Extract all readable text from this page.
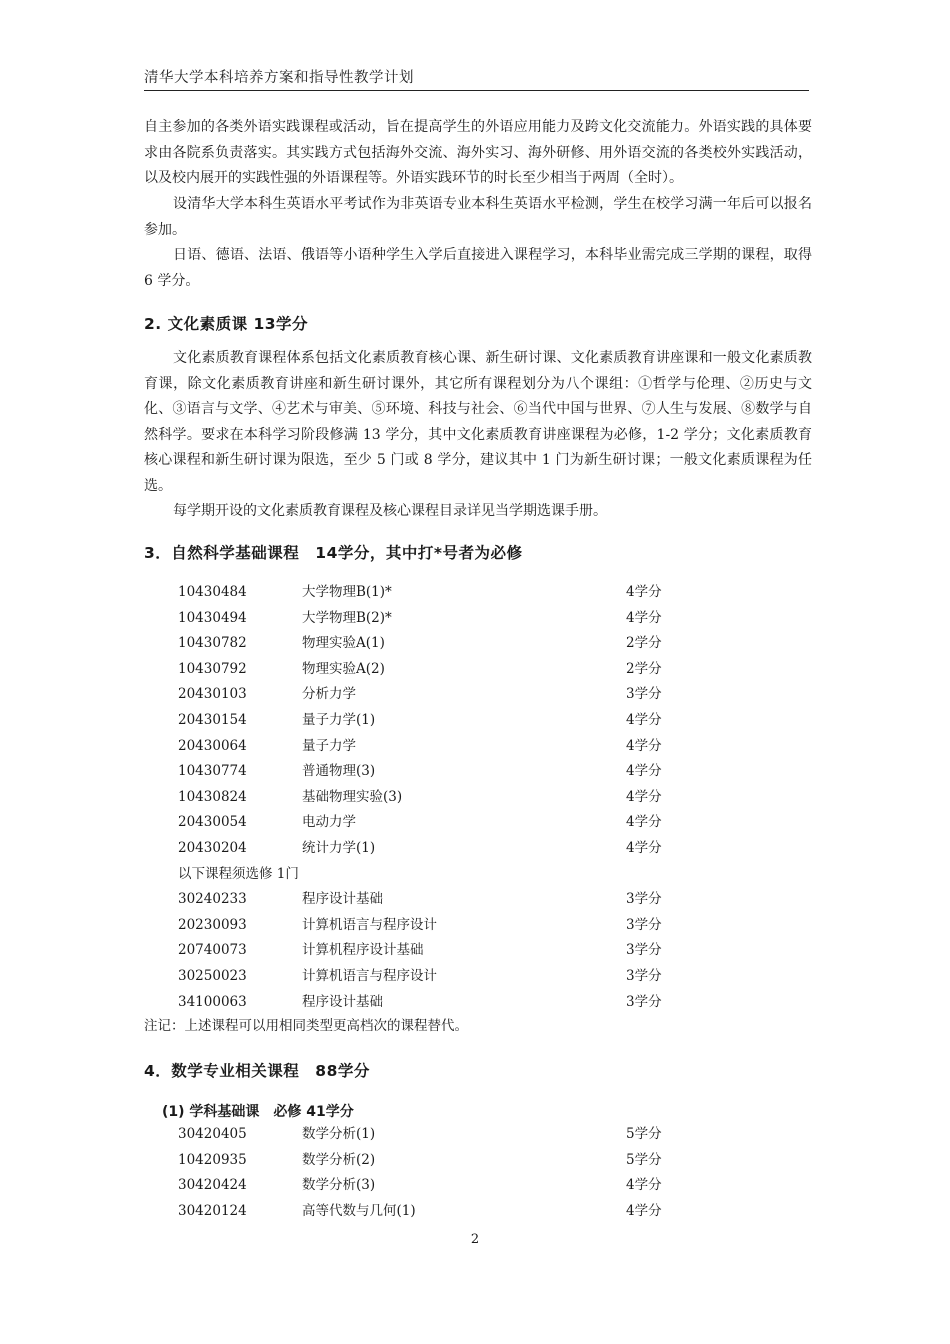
清华大学本科培养方案和指导性教学计划

自主参加的各类外语实践课程或活动，旨在提高学生的外语应用能力及跨文化交流能力。外语实践的具体要求由各院系负责落实。其实践方式包括海外交流、海外实习、海外研修、用外语交流的各类校外实践活动，以及校内展开的实践性强的外语课程等。外语实践环节的时长至少相当于两周（全时）。

设清华大学本科生英语水平考试作为非英语专业本科生英语水平检测，学生在校学习满一年后可以报名参加。

日语、德语、法语、俄语等小语种学生入学后直接进入课程学习，本科毕业需完成三学期的课程，取得 6 学分。

2. 文化素质课 13学分

文化素质教育课程体系包括文化素质教育核心课、新生研讨课、文化素质教育讲座课和一般文化素质教育课，除文化素质教育讲座和新生研讨课外，其它所有课程划分为八个课组：①哲学与伦理、②历史与文化、③语言与文学、④艺术与审美、⑤环境、科技与社会、⑥当代中国与世界、⑦人生与发展、⑧数学与自然科学。要求在本科学习阶段修满 13 学分，其中文化素质教育讲座课程为必修，1-2 学分；文化素质教育核心课程和新生研讨课为限选，至少 5 门或 8 学分，建议其中 1 门为新生研讨课；一般文化素质课程为任选。

每学期开设的文化素质教育课程及核心课程目录详见当学期选课手册。

3．自然科学基础课程　14学分，其中打*号者为必修
10430484	大学物理B(1)*	4学分
10430494	大学物理B(2)*	4学分
10430782	物理实验A(1)	2学分
10430792	物理实验A(2)	2学分
20430103	分析力学	3学分
20430154	量子力学(1)	4学分
20430064	量子力学	4学分
10430774	普通物理(3)	4学分
10430824	基础物理实验(3)	4学分
20430054	电动力学	4学分
20430204	统计力学(1)	4学分
以下课程须选修 1门
30240233	程序设计基础	3学分
20230093	计算机语言与程序设计	3学分
20740073	计算机程序设计基础	3学分
30250023	计算机语言与程序设计	3学分
34100063	程序设计基础	3学分
注记：上述课程可以用相同类型更高档次的课程替代。
4．数学专业相关课程　88学分
(1) 学科基础课　必修 41学分
30420405	数学分析(1)	5学分
10420935	数学分析(2)	5学分
30420424	数学分析(3)	4学分
30420124	高等代数与几何(1)	4学分
2
